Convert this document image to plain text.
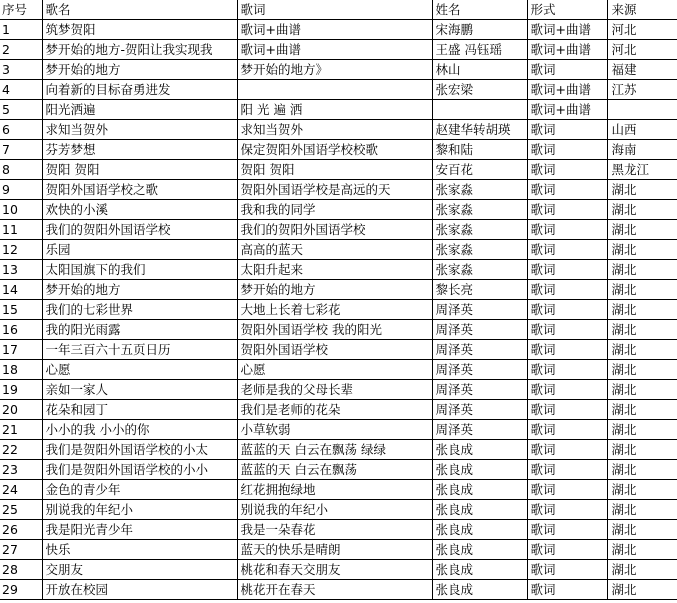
序号	歌名	歌词	姓名	形式	来源
1	筑梦贺阳	歌词+曲谱	宋海鹏	歌词+曲谱	河北
2	梦开始的地方-贺阳让我实现我	歌词+曲谱	王盛 冯钰瑶	歌词+曲谱	河北
3	梦开始的地方	梦开始的地方》	林山	歌词	福建
4	向着新的目标奋勇进发		张宏梁	歌词+曲谱	江苏
5	阳光洒遍	阳 光 遍 洒		歌词+曲谱	
6	求知当贺外	求知当贺外	赵建华转胡瑛	歌词	山西
7	芬芳梦想	保定贺阳外国语学校校歌	黎和陆	歌词	海南
8	贺阳 贺阳	贺阳 贺阳	安百花	歌词	黑龙江
9	贺阳外国语学校之歌	贺阳外国语学校是高远的天	张家淼	歌词	湖北
10	欢快的小溪	我和我的同学	张家淼	歌词	湖北
11	我们的贺阳外国语学校	我们的贺阳外国语学校	张家淼	歌词	湖北
12	乐园	高高的蓝天	张家淼	歌词	湖北
13	太阳国旗下的我们	太阳升起来	张家淼	歌词	湖北
14	梦开始的地方	梦开始的地方	黎长亮	歌词	湖北
15	我们的七彩世界	大地上长着七彩花	周泽英	歌词	湖北
16	我的阳光雨露	贺阳外国语学校 我的阳光	周泽英	歌词	湖北
17	一年三百六十五页日历	贺阳外国语学校	周泽英	歌词	湖北
18	心愿	心愿	周泽英	歌词	湖北
19	亲如一家人	老师是我的父母长辈	周泽英	歌词	湖北
20	花朵和园丁	我们是老师的花朵	周泽英	歌词	湖北
21	小小的我 小小的你	小草软弱	周泽英	歌词	湖北
22	我们是贺阳外国语学校的小太	蓝蓝的天 白云在飘荡 绿绿	张良成	歌词	湖北
23	我们是贺阳外国语学校的小小	蓝蓝的天 白云在飘荡	张良成	歌词	湖北
24	金色的青少年	红花拥抱绿地	张良成	歌词	湖北
25	别说我的年纪小	别说我的年纪小	张良成	歌词	湖北
26	我是阳光青少年	我是一朵春花	张良成	歌词	湖北
27	快乐	蓝天的快乐是晴朗	张良成	歌词	湖北
28	交朋友	桃花和春天交朋友	张良成	歌词	湖北
29	开放在校园	桃花开在春天	张良成	歌词	湖北
